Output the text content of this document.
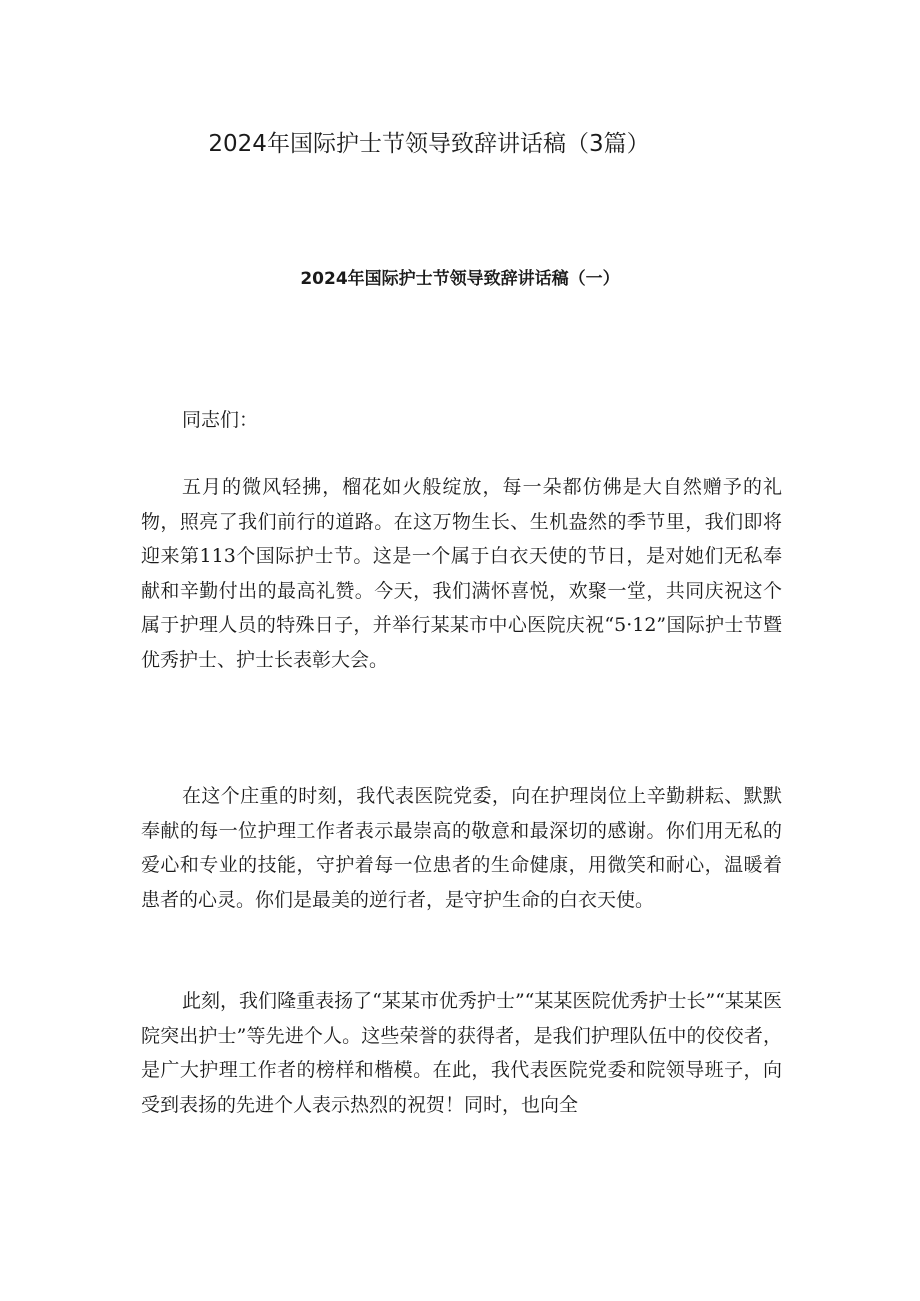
2024年国际护士节领导致辞讲话稿（3篇）
2024年国际护士节领导致辞讲话稿（一）
同志们：

五月的微风轻拂，榴花如火般绽放，每一朵都仿佛是大自然赠予的礼物，照亮了我们前行的道路。在这万物生长、生机盎然的季节里，我们即将迎来第113个国际护士节。这是一个属于白衣天使的节日，是对她们无私奉献和辛勤付出的最高礼赞。今天，我们满怀喜悦，欢聚一堂，共同庆祝这个属于护理人员的特殊日子，并举行某某市中心医院庆祝“5·12”国际护士节暨优秀护士、护士长表彰大会。

在这个庄重的时刻，我代表医院党委，向在护理岗位上辛勤耕耘、默默奉献的每一位护理工作者表示最崇高的敬意和最深切的感谢。你们用无私的爱心和专业的技能，守护着每一位患者的生命健康，用微笑和耐心，温暖着患者的心灵。你们是最美的逆行者，是守护生命的白衣天使。

此刻，我们隆重表扬了“某某市优秀护士”“某某医院优秀护士长”“某某医院突出护士”等先进个人。这些荣誉的获得者，是我们护理队伍中的佼佼者，是广大护理工作者的榜样和楷模。在此，我代表医院党委和院领导班子，向受到表扬的先进个人表示热烈的祝贺！同时，也向全
